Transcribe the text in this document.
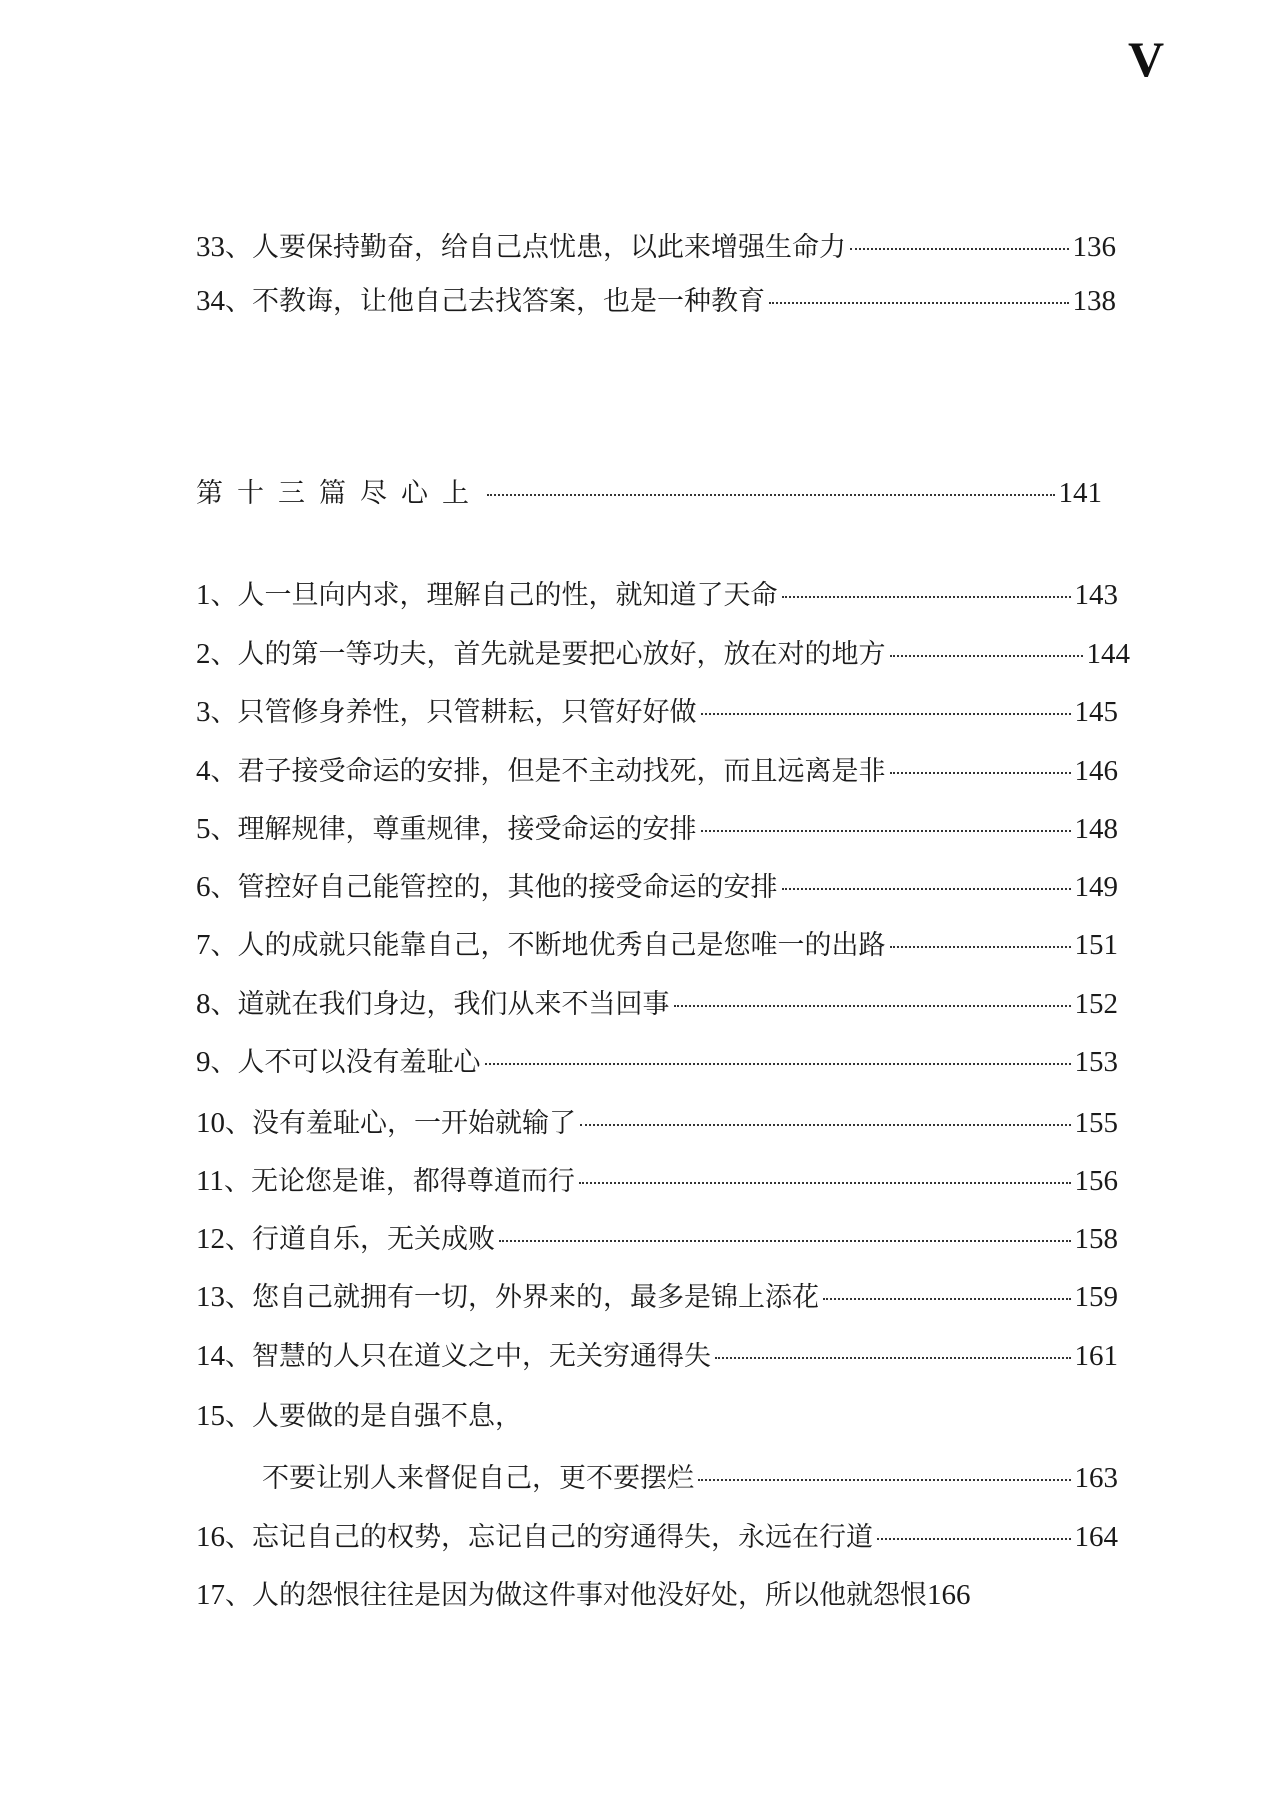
V
33 、 人要保持勤奋，给自己点忧患，以此来增强生命力	136
34 、 不教诲，让他自己去找答案，也是一种教育	138
第十三篇 尽心上	141
1 、 人一旦向内求，理解自己的性，就知道了天命	143
2 、 人的第一等功夫，首先就是要把心放好，放在对的地方	144
3 、 只管修身养性，只管耕耘，只管好好做	145
4 、 君子接受命运的安排，但是不主动找死，而且远离是非	146
5 、 理解规律，尊重规律，接受命运的安排	148
6 、 管控好自己能管控的，其他的接受命运的安排	149
7 、 人的成就只能靠自己，不断地优秀自己是您唯一的出路	151
8 、 道就在我们身边，我们从来不当回事	152
9 、 人不可以没有羞耻心	153
10 、 没有羞耻心，一开始就输了	155
11 、 无论您是谁，都得尊道而行	156
12 、 行道自乐，无关成败	158
13 、 您自己就拥有一切，外界来的，最多是锦上添花	159
14 、 智慧的人只在道义之中，无关穷通得失	161
15、人要做的是自强不息，
不要让别人来督促自己，更不要摆烂	163
16 、 忘记自己的权势，忘记自己的穷通得失，永远在行道	164
17、人的怨恨往往是因为做这件事对他没好处，所以他就怨恨166
